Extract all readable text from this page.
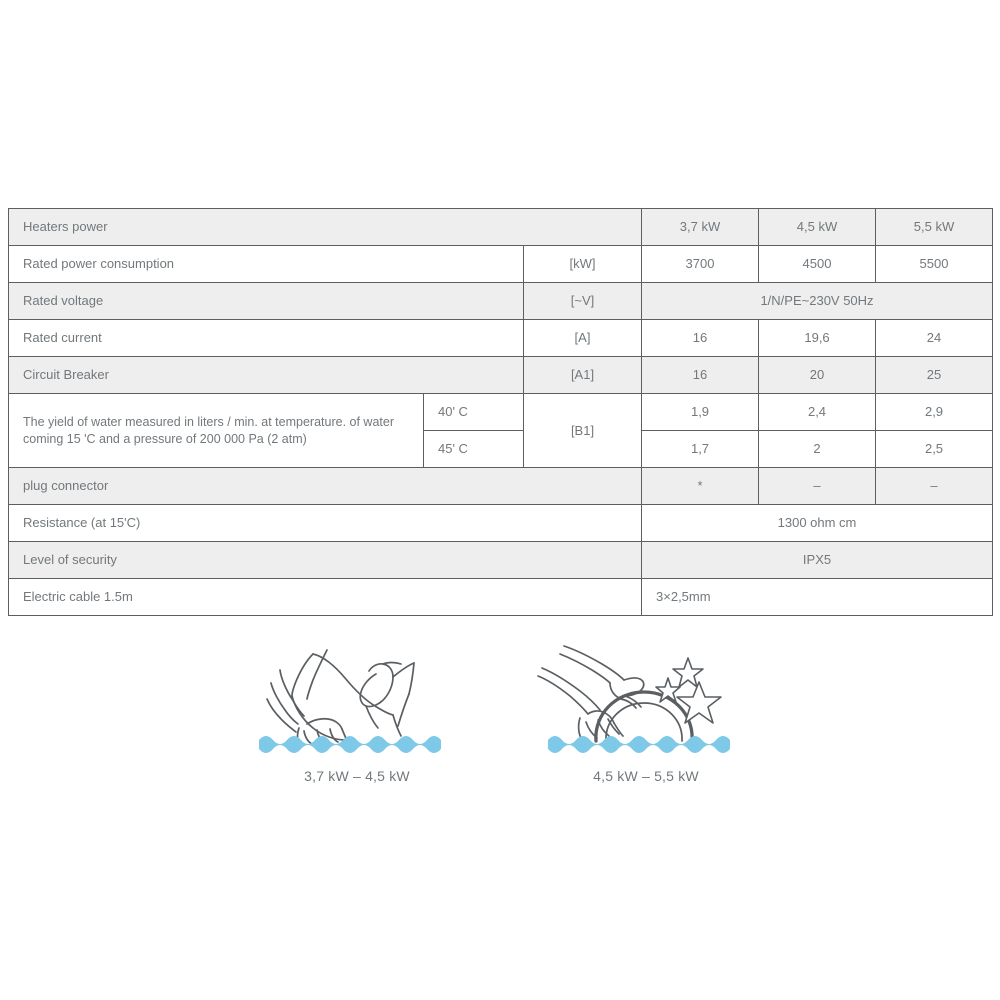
Heaters power			3,7 kW	4,5 kW	5,5 kW
Rated power consumption		[kW]	3700	4500	5500
Rated voltage		[~V]	1/N/PE~230V 50Hz		
Rated current		[A]	16	19,6	24
Circuit Breaker		[A1]	16	20	25
The yield of water measured in liters / min. at temperature. of water coming 15 'C and a pressure of 200 000 Pa (2 atm)	40' C	[B1]	1,9	2,4	2,9
	45' C		1,7	2	2,5
plug connector			*	–	–
Resistance (at 15'C)			1300 ohm cm		
Level of security			IPX5		
Electric cable 1.5m			3×2,5mm		
3,7 kW – 4,5 kW	4,5 kW – 5,5 kW
